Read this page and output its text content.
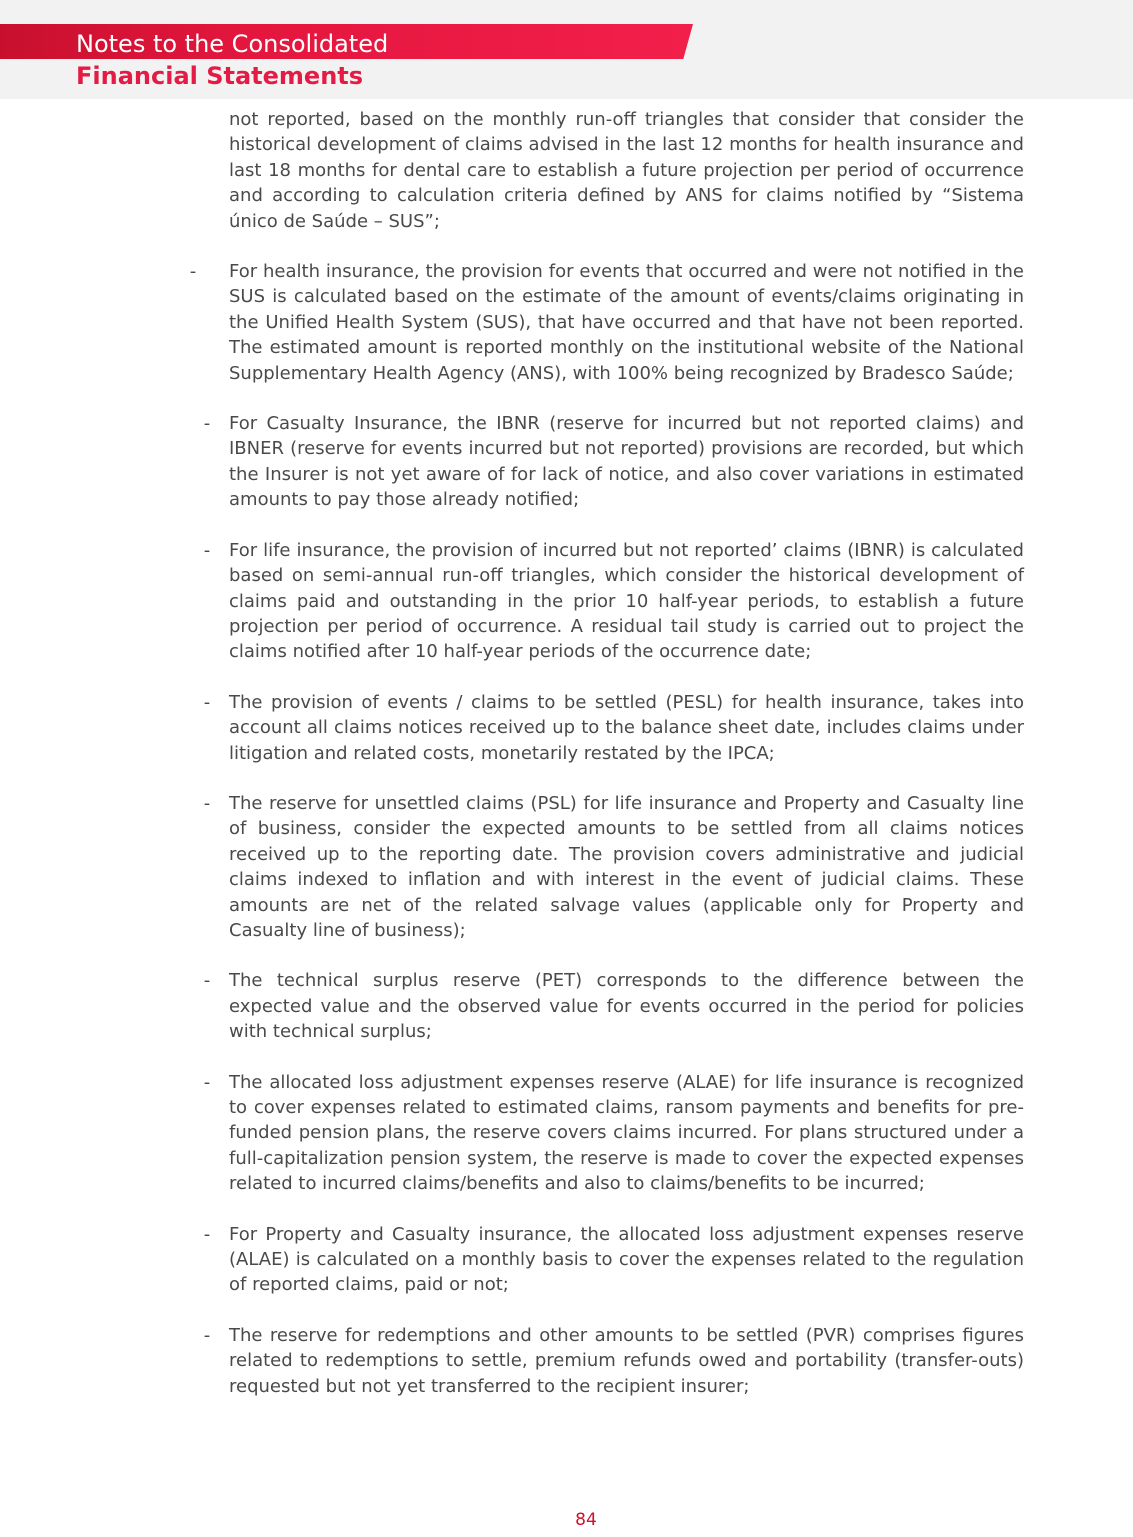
Notes to the Consolidated
Financial Statements
not reported, based on the monthly run-off triangles that consider that consider the historical development of claims advised in the last 12 months for health insurance and last 18 months for dental care to establish a future projection per period of occurrence and according to calculation criteria defined by ANS for claims notified by “Sistema único de Saúde – SUS”;
- For health insurance, the provision for events that occurred and were not notified in the SUS is calculated based on the estimate of the amount of events/claims originating in the Unified Health System (SUS), that have occurred and that have not been reported. The estimated amount is reported monthly on the institutional website of the National Supplementary Health Agency (ANS), with 100% being recognized by Bradesco Saúde;
- For Casualty Insurance, the IBNR (reserve for incurred but not reported claims) and IBNER (reserve for events incurred but not reported) provisions are recorded, but which the Insurer is not yet aware of for lack of notice, and also cover variations in estimated amounts to pay those already notified;
- For life insurance, the provision of incurred but not reported’ claims (IBNR) is calculated based on semi-annual run-off triangles, which consider the historical development of claims paid and outstanding in the prior 10 half-year periods, to establish a future projection per period of occurrence. A residual tail study is carried out to project the claims notified after 10 half-year periods of the occurrence date;
- The provision of events / claims to be settled (PESL) for health insurance, takes into account all claims notices received up to the balance sheet date, includes claims under litigation and related costs, monetarily restated by the IPCA;
- The reserve for unsettled claims (PSL) for life insurance and Property and Casualty line of business, consider the expected amounts to be settled from all claims notices received up to the reporting date. The provision covers administrative and judicial claims indexed to inflation and with interest in the event of judicial claims. These amounts are net of the related salvage values (applicable only for Property and Casualty line of business);
- The technical surplus reserve (PET) corresponds to the difference between the expected value and the observed value for events occurred in the period for policies with technical surplus;
- The allocated loss adjustment expenses reserve (ALAE) for life insurance is recognized to cover expenses related to estimated claims, ransom payments and benefits for pre-funded pension plans, the reserve covers claims incurred. For plans structured under a full-capitalization pension system, the reserve is made to cover the expected expenses related to incurred claims/benefits and also to claims/benefits to be incurred;
- For Property and Casualty insurance, the allocated loss adjustment expenses reserve (ALAE) is calculated on a monthly basis to cover the expenses related to the regulation of reported claims, paid or not;
- The reserve for redemptions and other amounts to be settled (PVR) comprises figures related to redemptions to settle, premium refunds owed and portability (transfer-outs) requested but not yet transferred to the recipient insurer;
84
